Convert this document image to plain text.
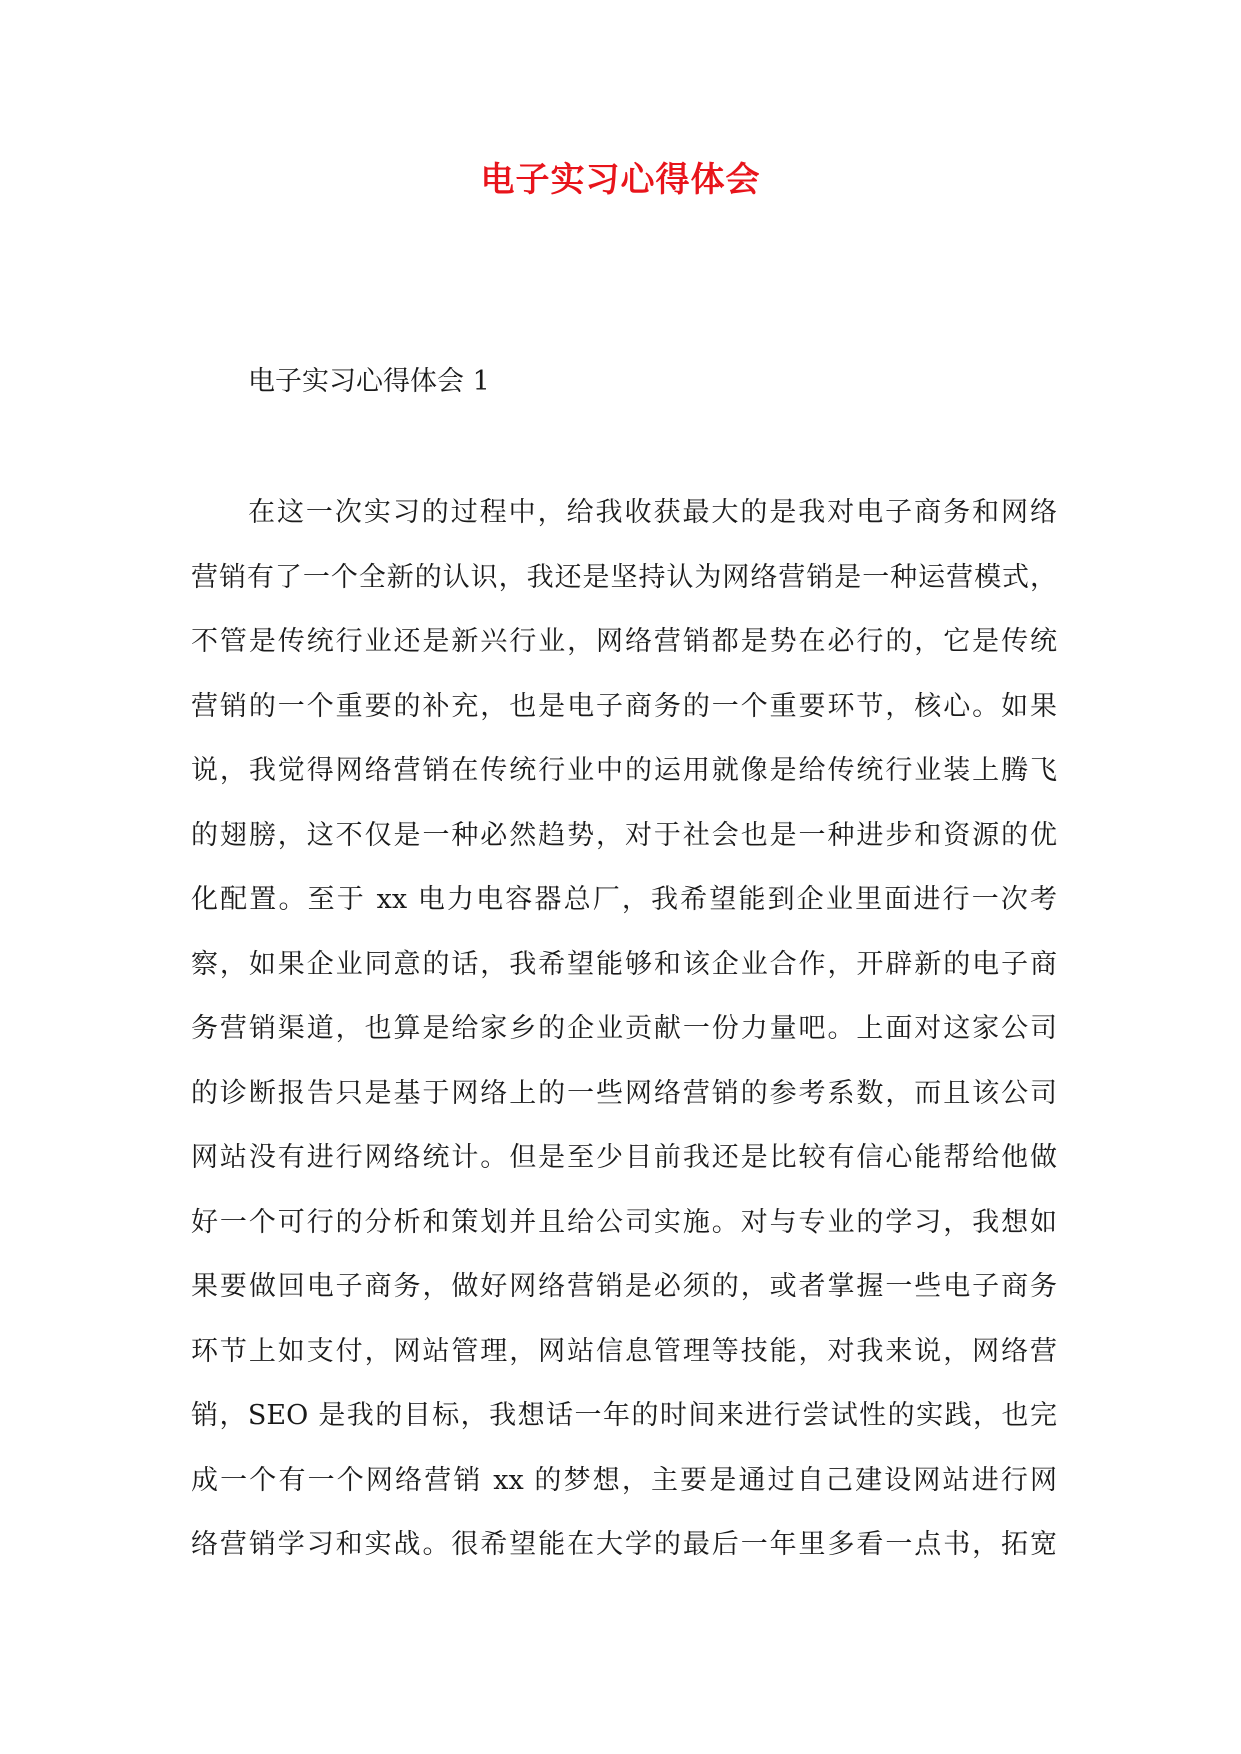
电子实习心得体会
电子实习心得体会 1
在这一次实习的过程中，给我收获最大的是我对电子商务和网络
营销有了一个全新的认识，我还是坚持认为网络营销是一种运营模式，
不管是传统行业还是新兴行业，网络营销都是势在必行的，它是传统
营销的一个重要的补充，也是电子商务的一个重要环节，核心。如果
说，我觉得网络营销在传统行业中的运用就像是给传统行业装上腾飞
的翅膀，这不仅是一种必然趋势，对于社会也是一种进步和资源的优
化配置。至于 xx 电力电容器总厂，我希望能到企业里面进行一次考
察，如果企业同意的话，我希望能够和该企业合作，开辟新的电子商
务营销渠道，也算是给家乡的企业贡献一份力量吧。上面对这家公司
的诊断报告只是基于网络上的一些网络营销的参考系数，而且该公司
网站没有进行网络统计。但是至少目前我还是比较有信心能帮给他做
好一个可行的分析和策划并且给公司实施。对与专业的学习，我想如
果要做回电子商务，做好网络营销是必须的，或者掌握一些电子商务
环节上如支付，网站管理，网站信息管理等技能，对我来说，网络营
销，SEO 是我的目标，我想话一年的时间来进行尝试性的实践，也完
成一个有一个网络营销 xx 的梦想，主要是通过自己建设网站进行网
络营销学习和实战。很希望能在大学的最后一年里多看一点书，拓宽
